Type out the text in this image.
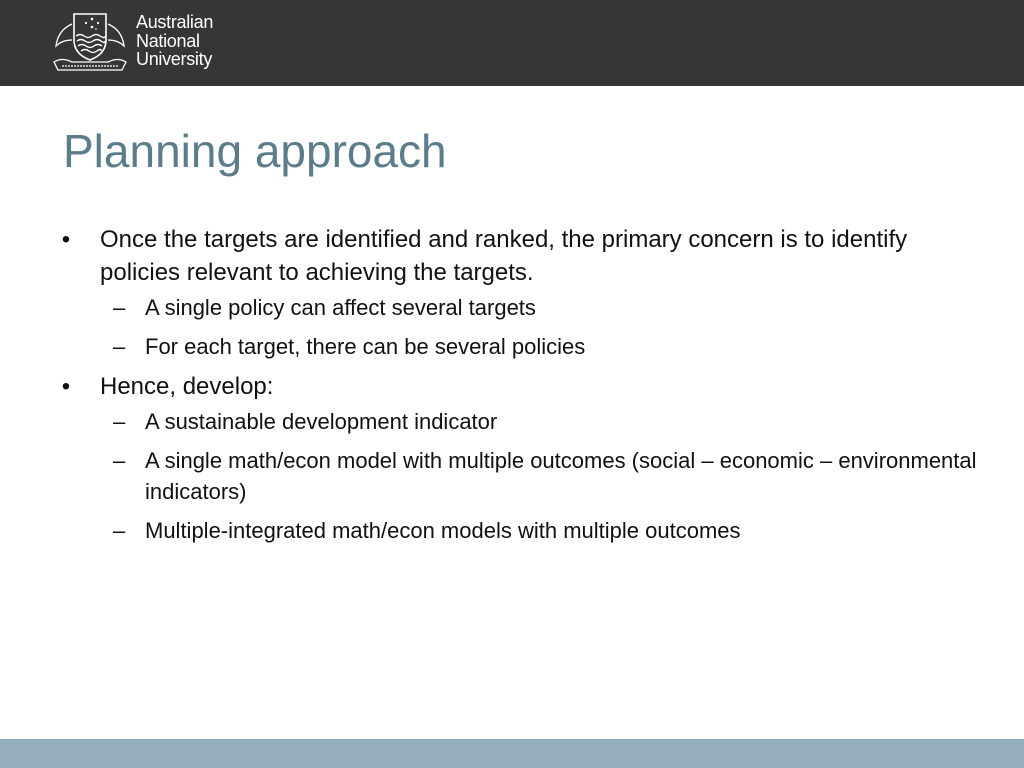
Australian
National
University
Planning approach
• Once the targets are identified and ranked, the primary concern is to identify policies relevant to achieving the targets.
– A single policy can affect several targets
– For each target, there can be several policies
• Hence, develop:
– A sustainable development indicator
– A single math/econ model with multiple outcomes (social – economic – environmental indicators)
– Multiple-integrated math/econ models with multiple outcomes
